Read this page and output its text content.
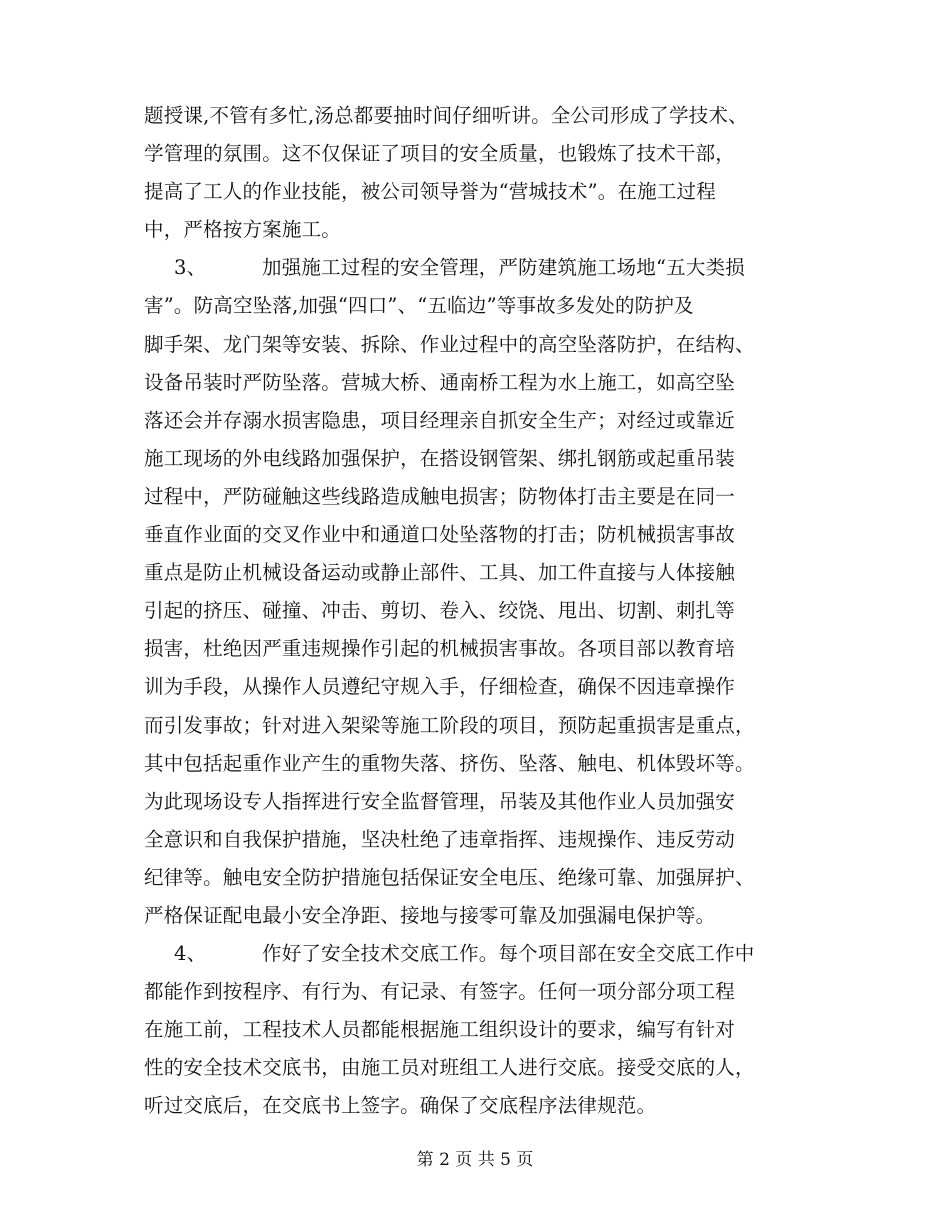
题授课,不管有多忙,汤总都要抽时间仔细听讲。全公司形成了学技术、
学管理的氛围。这不仅保证了项目的安全质量，也锻炼了技术干部，
提高了工人的作业技能，被公司领导誉为“营城技术”。在施工过程
中，严格按方案施工。
3、	加强施工过程的安全管理，严防建筑施工场地“五大类损
害”。防高空坠落,加强“四口”、“五临边”等事故多发处的防护及
脚手架、龙门架等安装、拆除、作业过程中的高空坠落防护，在结构、
设备吊装时严防坠落。营城大桥、通南桥工程为水上施工，如高空坠
落还会并存溺水损害隐患，项目经理亲自抓安全生产；对经过或靠近
施工现场的外电线路加强保护，在搭设钢管架、绑扎钢筋或起重吊装
过程中，严防碰触这些线路造成触电损害；防物体打击主要是在同一
垂直作业面的交叉作业中和通道口处坠落物的打击；防机械损害事故
重点是防止机械设备运动或静止部件、工具、加工件直接与人体接触
引起的挤压、碰撞、冲击、剪切、卷入、绞饶、甩出、切割、刺扎等
损害，杜绝因严重违规操作引起的机械损害事故。各项目部以教育培
训为手段，从操作人员遵纪守规入手，仔细检查，确保不因违章操作
而引发事故；针对进入架梁等施工阶段的项目，预防起重损害是重点，
其中包括起重作业产生的重物失落、挤伤、坠落、触电、机体毁坏等。
为此现场设专人指挥进行安全监督管理，吊装及其他作业人员加强安
全意识和自我保护措施，坚决杜绝了违章指挥、违规操作、违反劳动
纪律等。触电安全防护措施包括保证安全电压、绝缘可靠、加强屏护、
严格保证配电最小安全净距、接地与接零可靠及加强漏电保护等。
4、	作好了安全技术交底工作。每个项目部在安全交底工作中
都能作到按程序、有行为、有记录、有签字。任何一项分部分项工程
在施工前，工程技术人员都能根据施工组织设计的要求，编写有针对
性的安全技术交底书，由施工员对班组工人进行交底。接受交底的人，
听过交底后，在交底书上签字。确保了交底程序法律规范。
第 2 页 共 5 页
